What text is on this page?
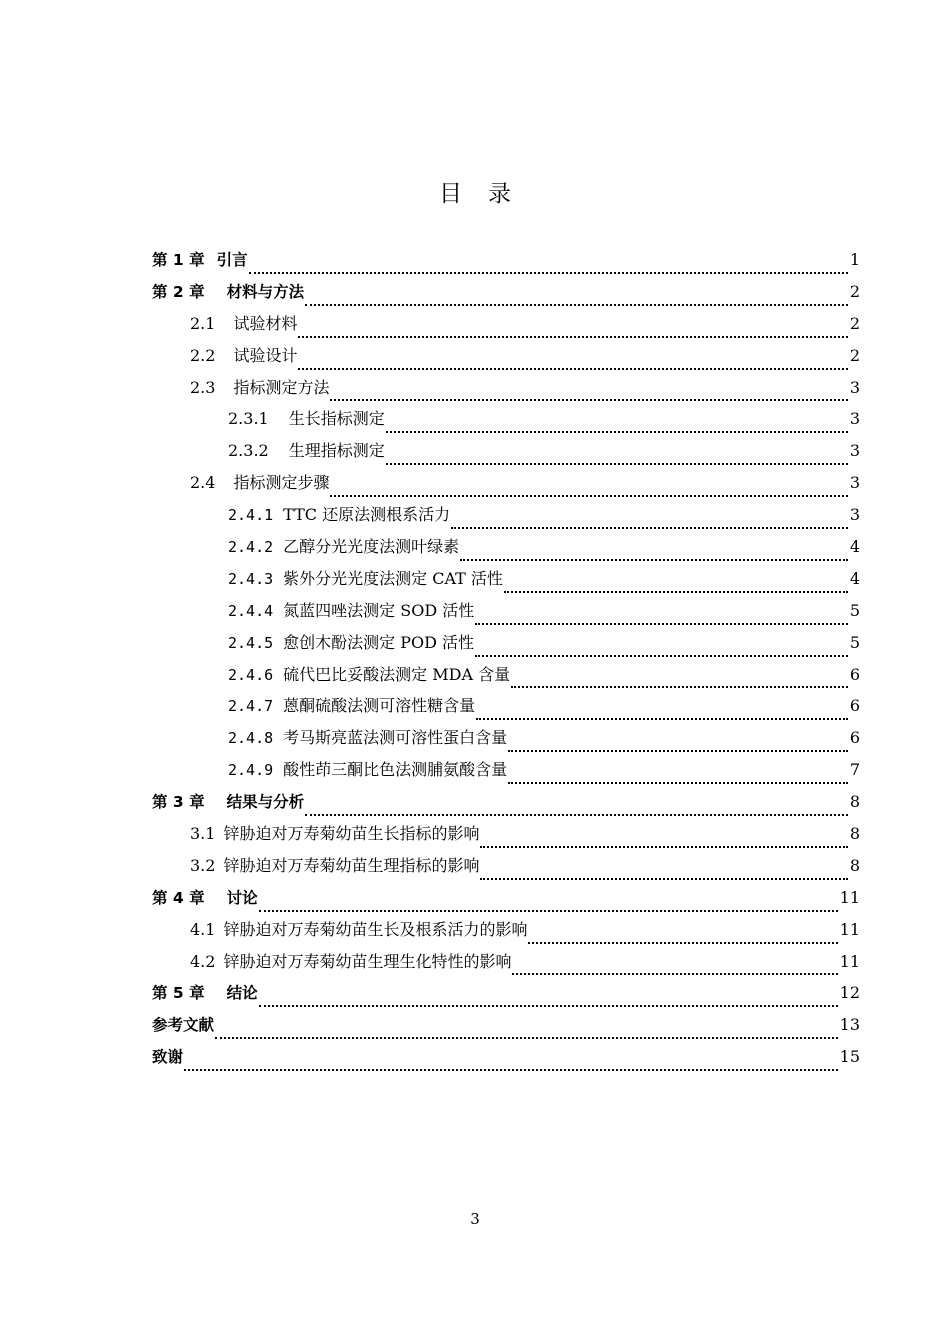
目录
第 1 章 引言	1
第 2 章 材料与方法	2
2.1 试验材料	2
2.2 试验设计	2
2.3 指标测定方法	3
2.3.1 生长指标测定	3
2.3.2 生理指标测定	3
2.4 指标测定步骤	3
2.4.1 TTC 还原法测根系活力	3
2.4.2 乙醇分光光度法测叶绿素	4
2.4.3 紫外分光光度法测定 CAT 活性	4
2.4.4 氮蓝四唑法测定 SOD 活性	5
2.4.5 愈创木酚法测定 POD 活性	5
2.4.6 硫代巴比妥酸法测定 MDA 含量	6
2.4.7 蒽酮硫酸法测可溶性糖含量	6
2.4.8 考马斯亮蓝法测可溶性蛋白含量	6
2.4.9 酸性茚三酮比色法测脯氨酸含量	7
第 3 章 结果与分析	8
3.1 锌胁迫对万寿菊幼苗生长指标的影响	8
3.2 锌胁迫对万寿菊幼苗生理指标的影响	8
第 4 章 讨论	11
4.1 锌胁迫对万寿菊幼苗生长及根系活力的影响	11
4.2 锌胁迫对万寿菊幼苗生理生化特性的影响	11
第 5 章 结论	12
参考文献	13
致谢	15
3
